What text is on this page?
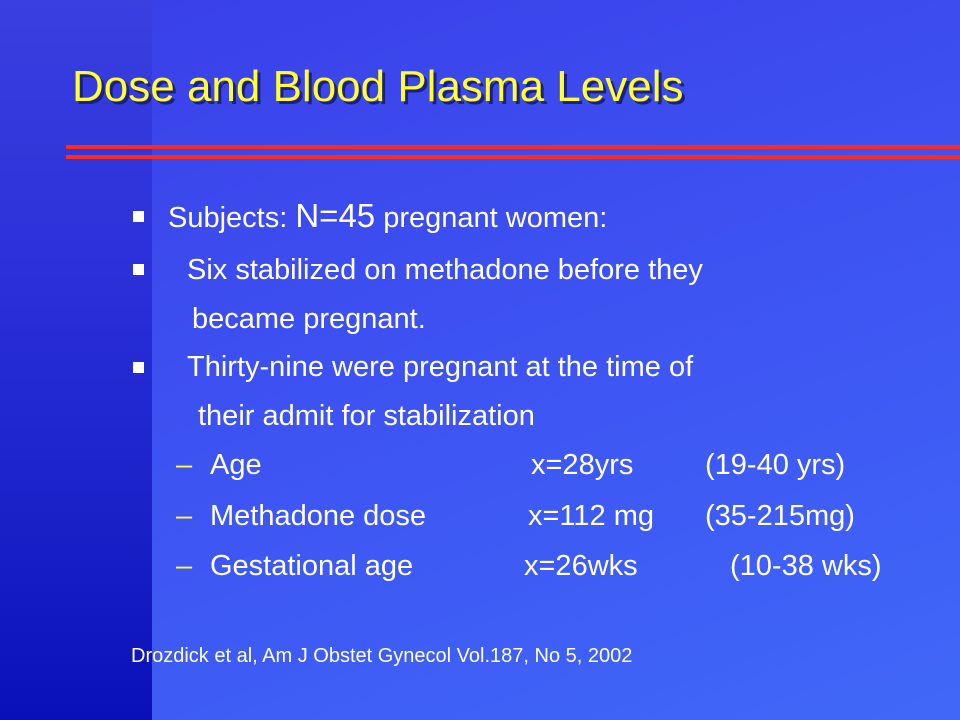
Dose and Blood Plasma Levels
Subjects: N=45 pregnant women:
Six stabilized on methadone before they
became pregnant.
Thirty-nine were pregnant at the time of
their admit for stabilization
– Age	x=28yrs (19-40 yrs)
– Methadone dose	x=112 mg (35-215mg)
– Gestational age	x=26wks	(10-38 wks)
Drozdick et al, Am J Obstet Gynecol Vol.187, No 5, 2002
